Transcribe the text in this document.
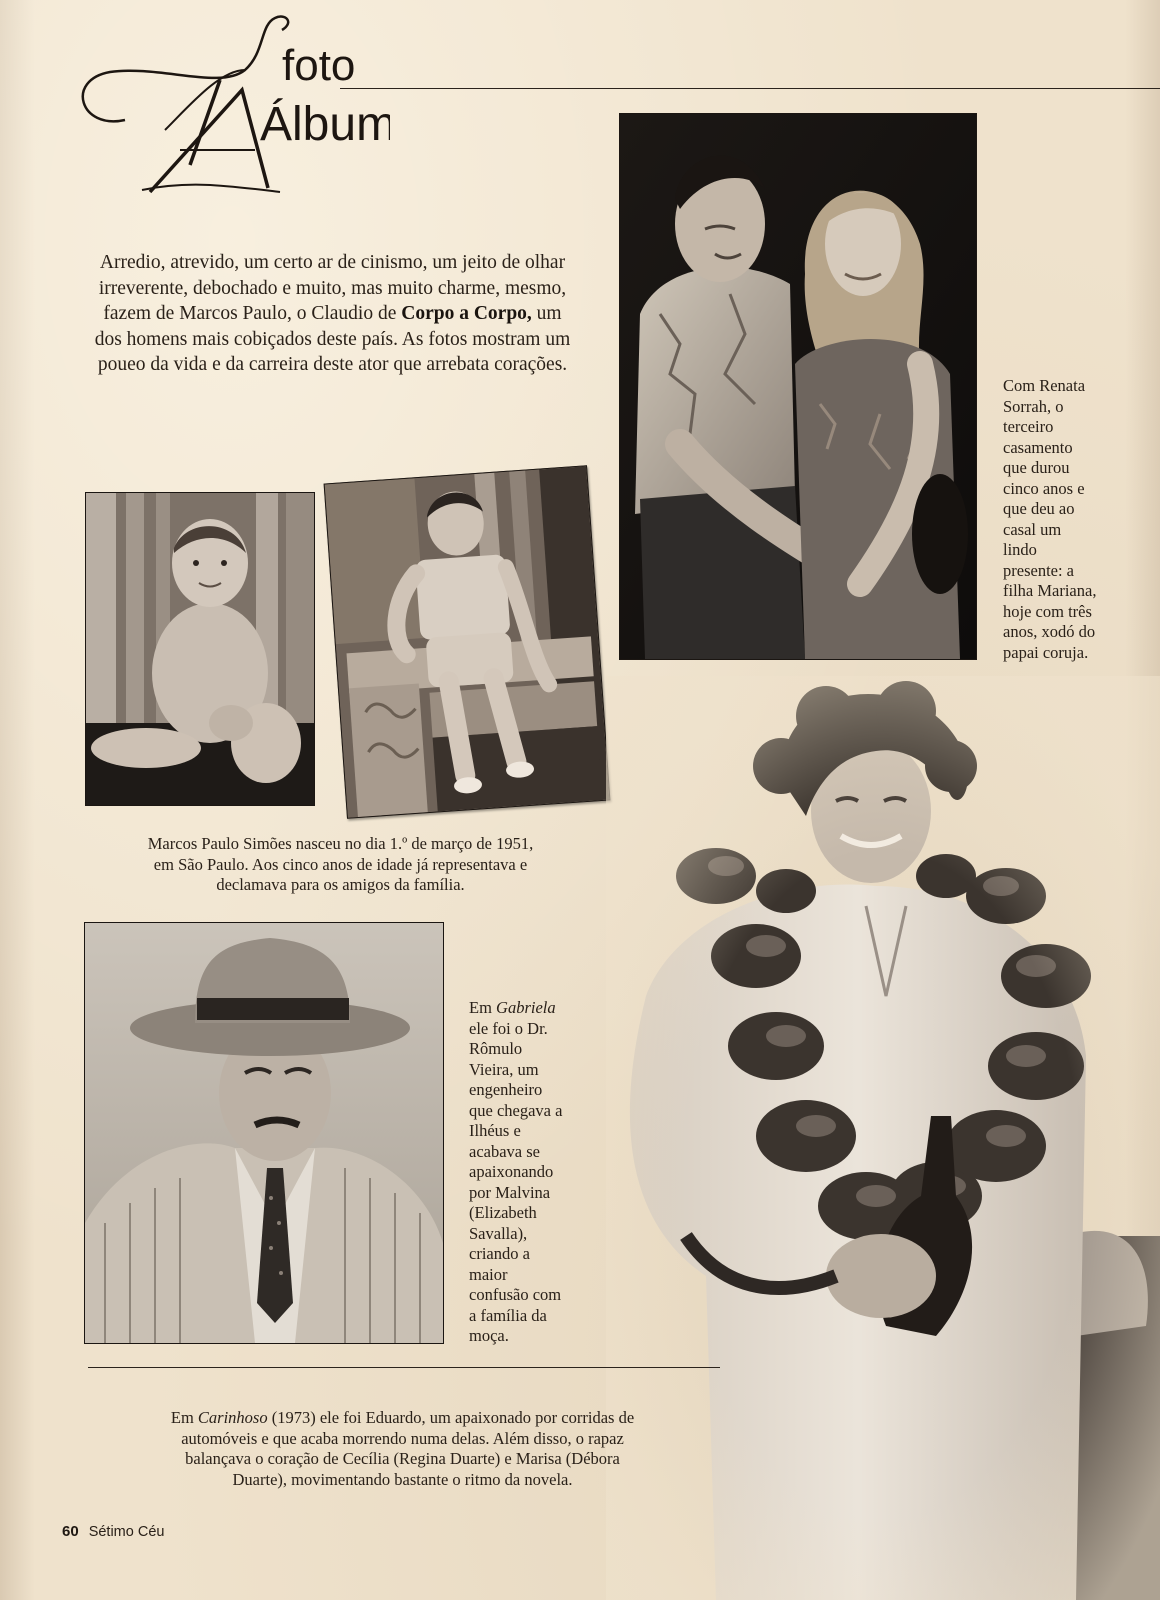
foto
Álbum
Arredio, atrevido, um certo ar de cinismo, um jeito de olhar irreverente, debochado e muito, mas muito charme, mesmo, fazem de Marcos Paulo, o Claudio de Corpo a Corpo, um dos homens mais cobiçados deste país. As fotos mostram um poueo da vida e da carreira deste ator que arrebata corações.
Com Renata
Sorrah, o
terceiro
casamento
que durou
cinco anos e
que deu ao
casal um
lindo
presente: a
filha Mariana,
hoje com três
anos, xodó do
papai coruja.
Marcos Paulo Simões nasceu no dia 1.º de março de 1951,
em São Paulo. Aos cinco anos de idade já representava e
declamava para os amigos da família.
Em Gabriela
ele foi o Dr.
Rômulo
Vieira, um
engenheiro
que chegava a
Ilhéus e
acabava se
apaixonando
por Malvina
(Elizabeth
Savalla),
criando a
maior
confusão com
a família da
moça.
Em Carinhoso (1973) ele foi Eduardo, um apaixonado por corridas de
automóveis e que acaba morrendo numa delas. Além disso, o rapaz
balançava o coração de Cecília (Regina Duarte) e Marisa (Débora
Duarte), movimentando bastante o ritmo da novela.
60 Sétimo Céu
